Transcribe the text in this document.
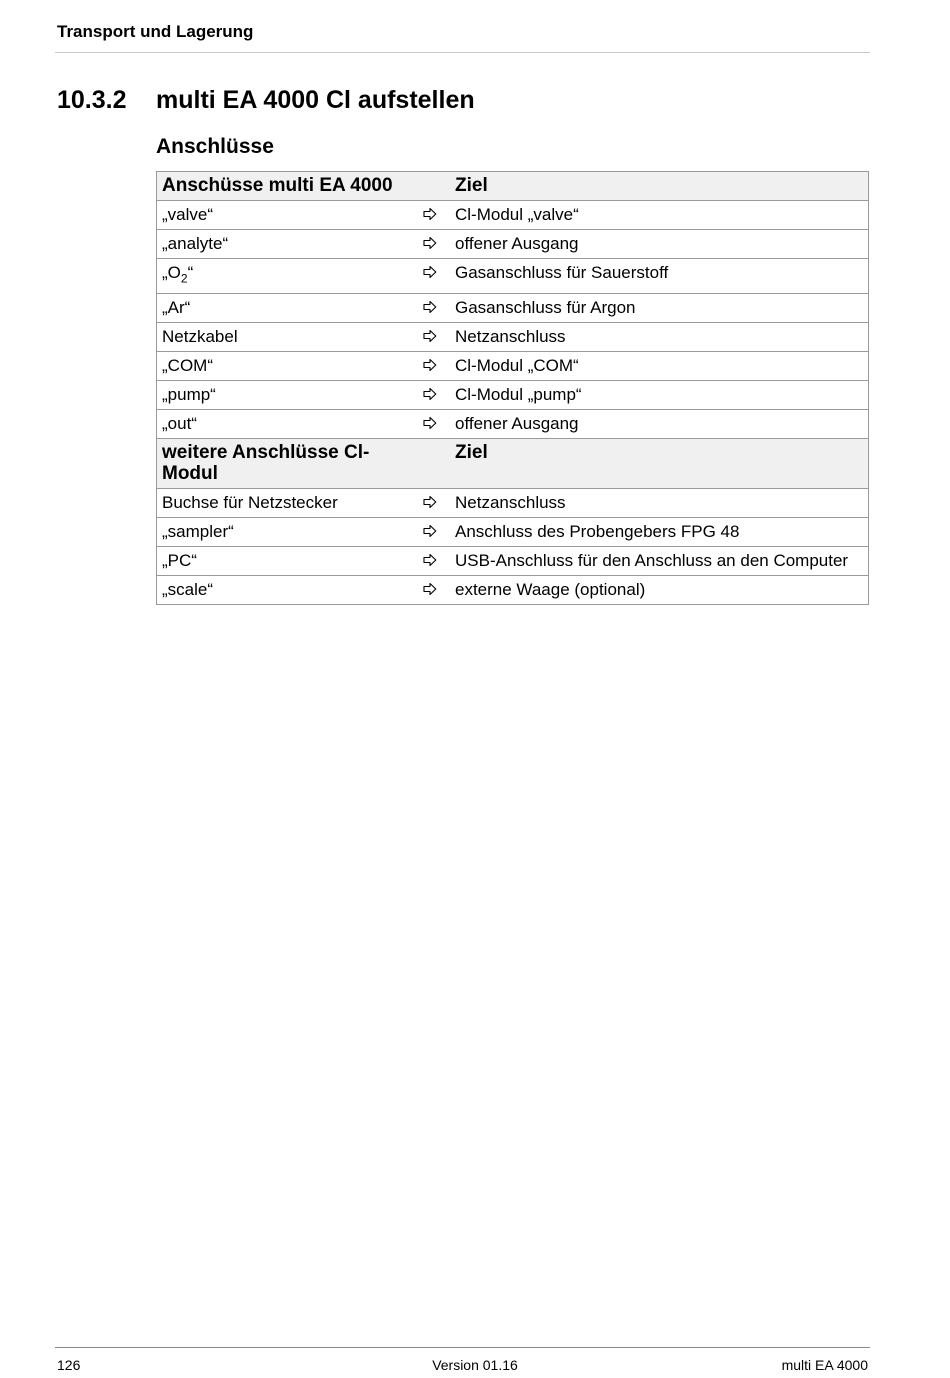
Transport und Lagerung
10.3.2 multi EA 4000 Cl aufstellen
Anschlüsse
Anschüsse multi EA 4000		Ziel
„valve“		Cl-Modul „valve“
„analyte“		offener Ausgang
$„O_2“$		Gasanschluss für Sauerstoff
„Ar“		Gasanschluss für Argon
Netzkabel		Netzanschluss
„COM“		Cl-Modul „COM“
„pump“		Cl-Modul „pump“
„out“		offener Ausgang
weitere Anschlüsse Cl-Modul		Ziel
Buchse für Netzstecker		Netzanschluss
„sampler“		Anschluss des Probengebers FPG 48
„PC“		USB-Anschluss für den Anschluss an den Computer
„scale“		externe Waage (optional)
126	Version 01.16	multi EA 4000
